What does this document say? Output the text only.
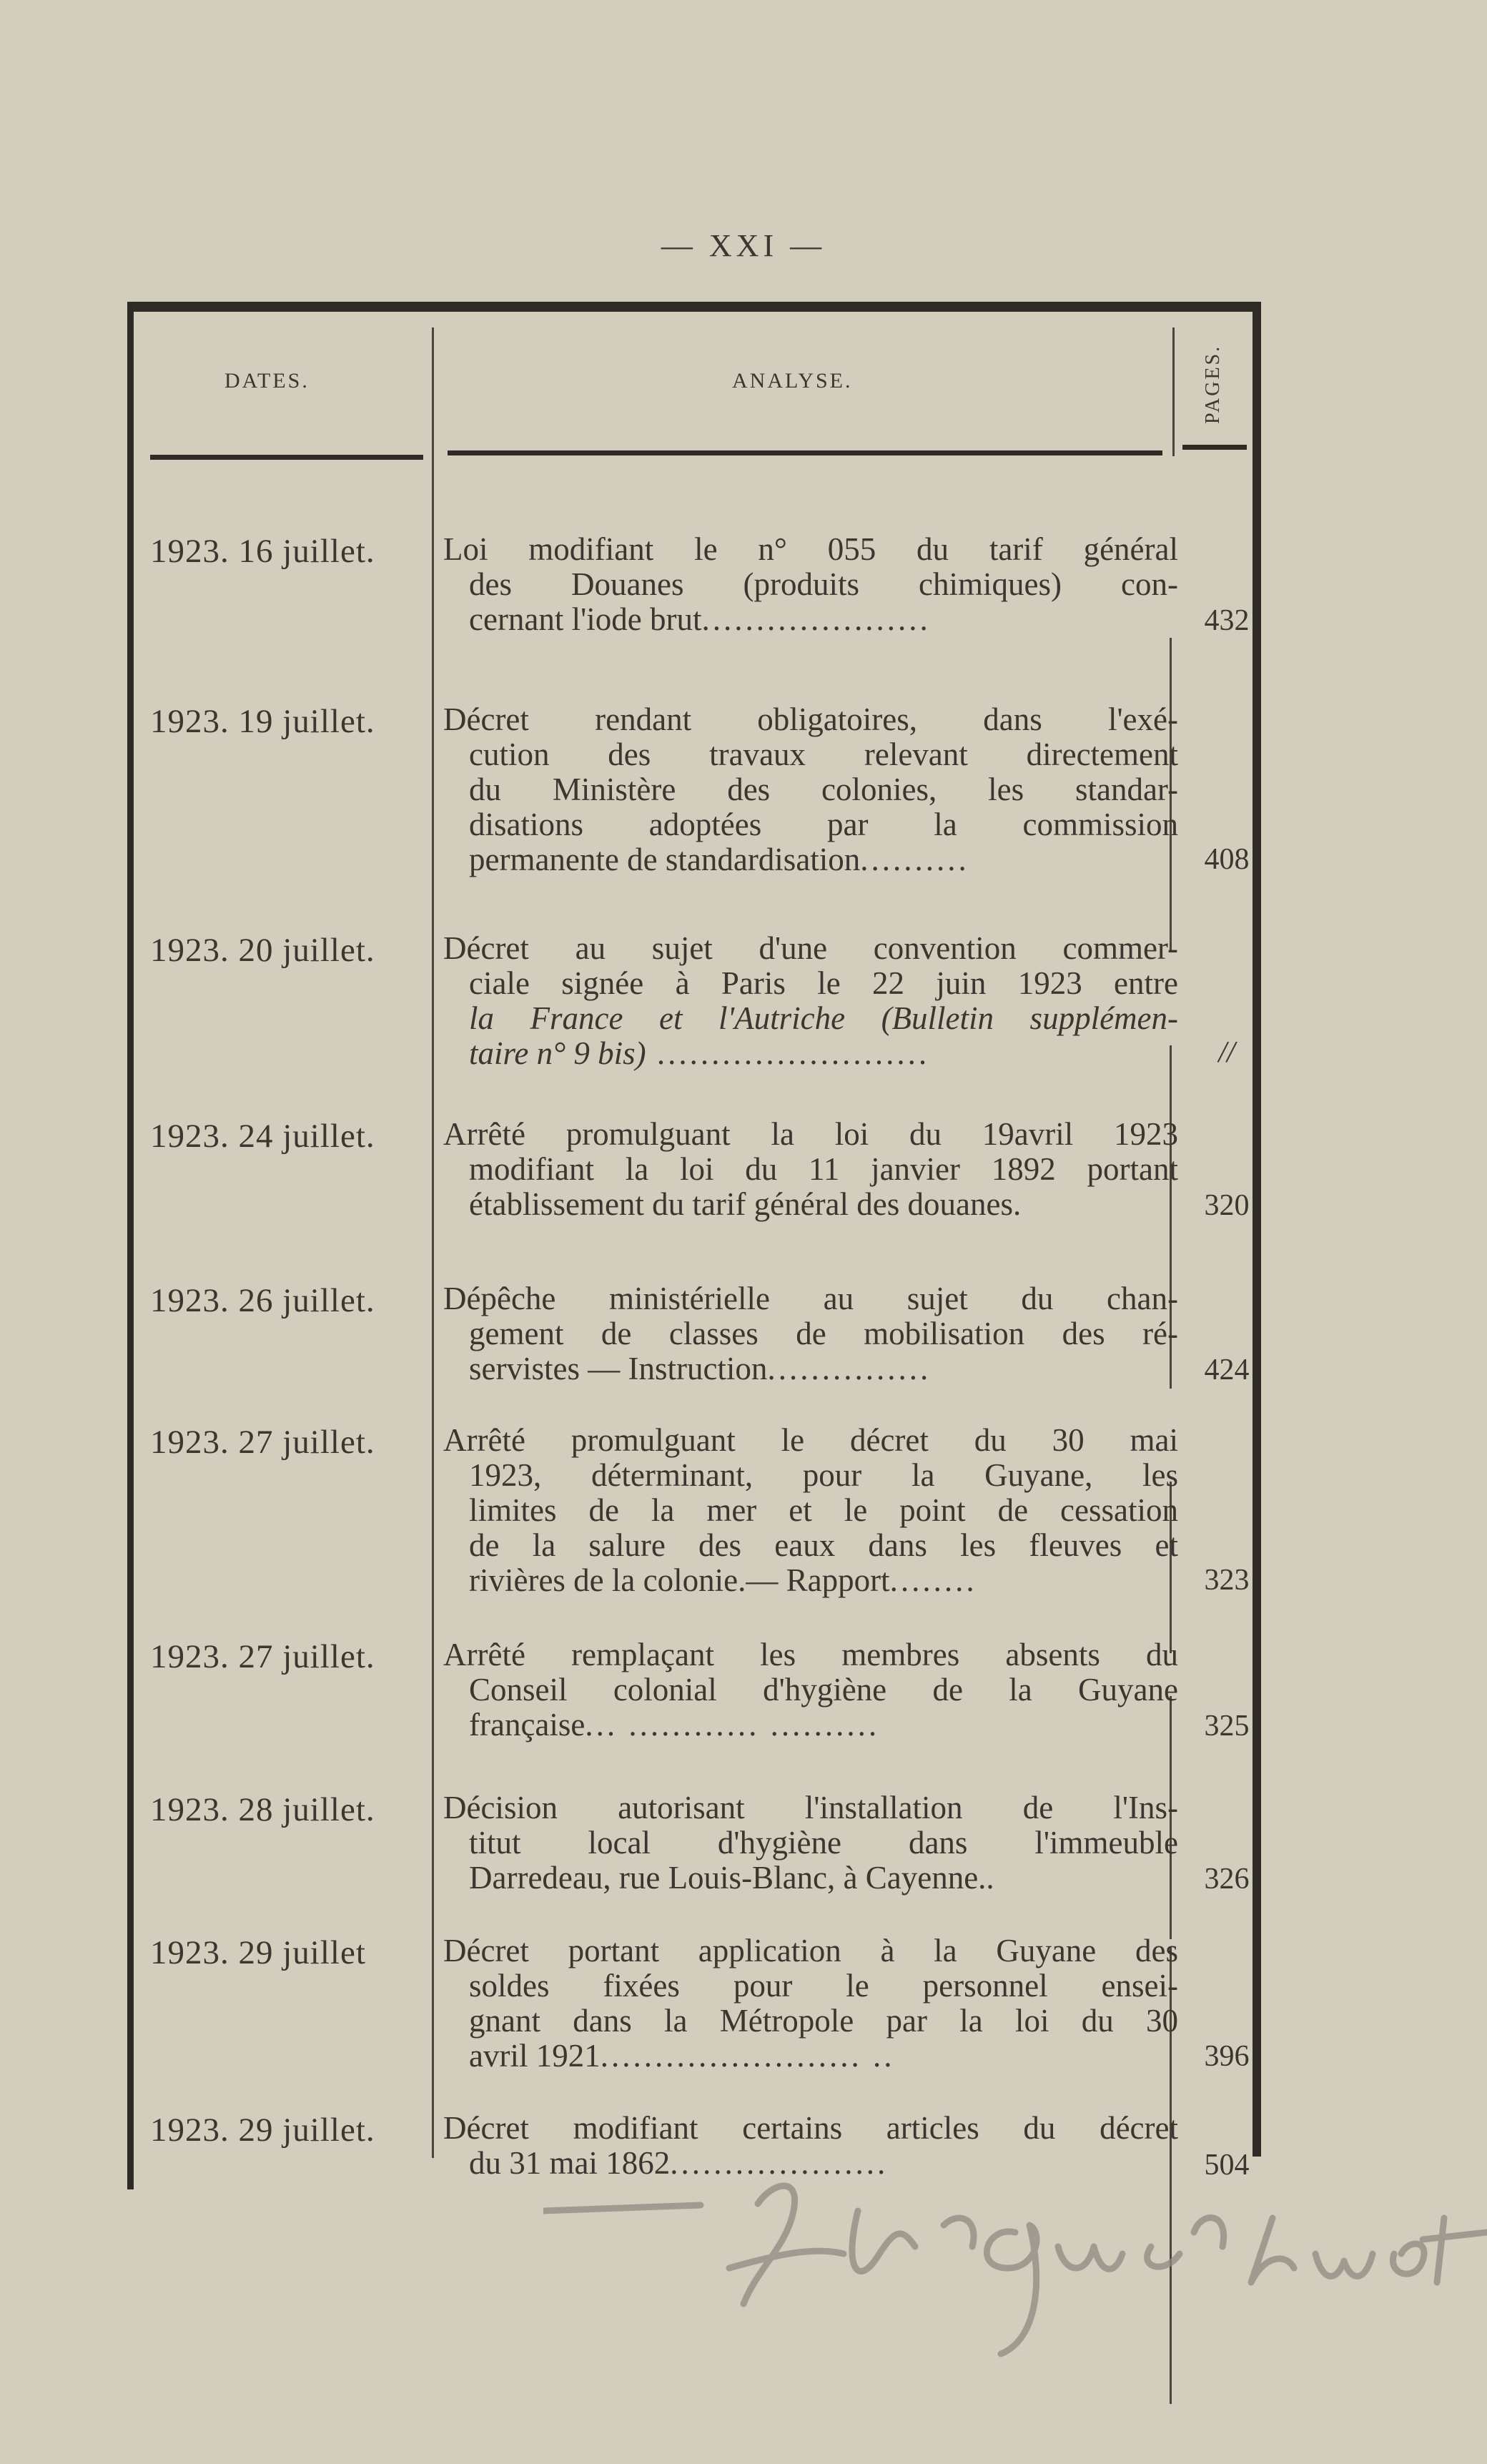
— XXI —
DATES.	ANALYSE.	PAGES.
1923. 16 juillet.	Loi modifiant le n° 055 du tarif général
des Douanes (produits chimiques) con-
cernant l'iode brut.....................	432
1923. 19 juillet.	Décret rendant obligatoires, dans l'exé-
cution des travaux relevant directement
du Ministère des colonies, les standar-
disations adoptées par la commission
permanente de standardisation..........	408
1923. 20 juillet.	Décret au sujet d'une convention commer-
ciale signée à Paris le 22 juin 1923 entre
la France et l'Autriche (Bulletin supplémen-
taire n° 9 bis) .........................	//
1923. 24 juillet.	Arrêté promulguant la loi du 19avril 1923
modifiant la loi du 11 janvier 1892 portant
établissement du tarif général des douanes.	320
1923. 26 juillet.	Dépêche ministérielle au sujet du chan-
gement de classes de mobilisation des ré-
servistes — Instruction...............	424
1923. 27 juillet.	Arrêté promulguant le décret du 30 mai
1923, déterminant, pour la Guyane, les
limites de la mer et le point de cessation
de la salure des eaux dans les fleuves et
rivières de la colonie.— Rapport........	323
1923. 27 juillet.	Arrêté remplaçant les membres absents du
Conseil colonial d'hygiène de la Guyane
française... ............ ..........	325
1923. 28 juillet.	Décision autorisant l'installation de l'Ins-
titut local d'hygiène dans l'immeuble
Darredeau, rue Louis-Blanc, à Cayenne..	326
1923. 29 juillet	Décret portant application à la Guyane des
soldes fixées pour le personnel ensei-
gnant dans la Métropole par la loi du 30
avril 1921........................ ..	396
1923. 29 juillet.	Décret modifiant certains articles du décret
du 31 mai 1862....................	504
